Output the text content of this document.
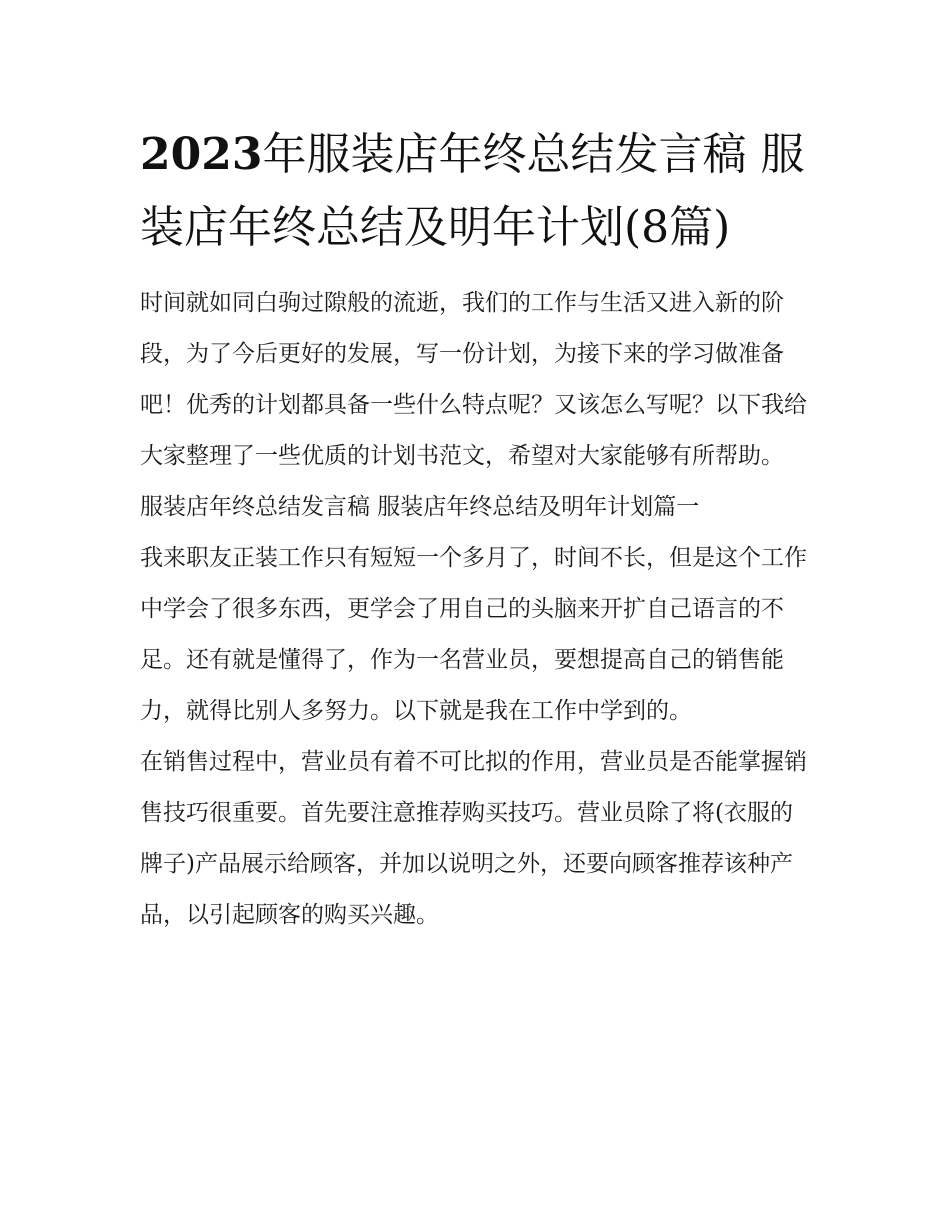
2023年服装店年终总结发言稿 服装店年终总结及明年计划(8篇)

时间就如同白驹过隙般的流逝，我们的工作与生活又进入新的阶段，为了今后更好的发展，写一份计划，为接下来的学习做准备吧！优秀的计划都具备一些什么特点呢？又该怎么写呢？以下我给大家整理了一些优质的计划书范文，希望对大家能够有所帮助。

服装店年终总结发言稿 服装店年终总结及明年计划篇一

我来职友正装工作只有短短一个多月了，时间不长，但是这个工作中学会了很多东西，更学会了用自己的头脑来开扩自己语言的不足。还有就是懂得了，作为一名营业员，要想提高自己的销售能力，就得比别人多努力。以下就是我在工作中学到的。

在销售过程中，营业员有着不可比拟的作用，营业员是否能掌握销售技巧很重要。首先要注意推荐购买技巧。营业员除了将(衣服的牌子)产品展示给顾客，并加以说明之外，还要向顾客推荐该种产品，以引起顾客的购买兴趣。
